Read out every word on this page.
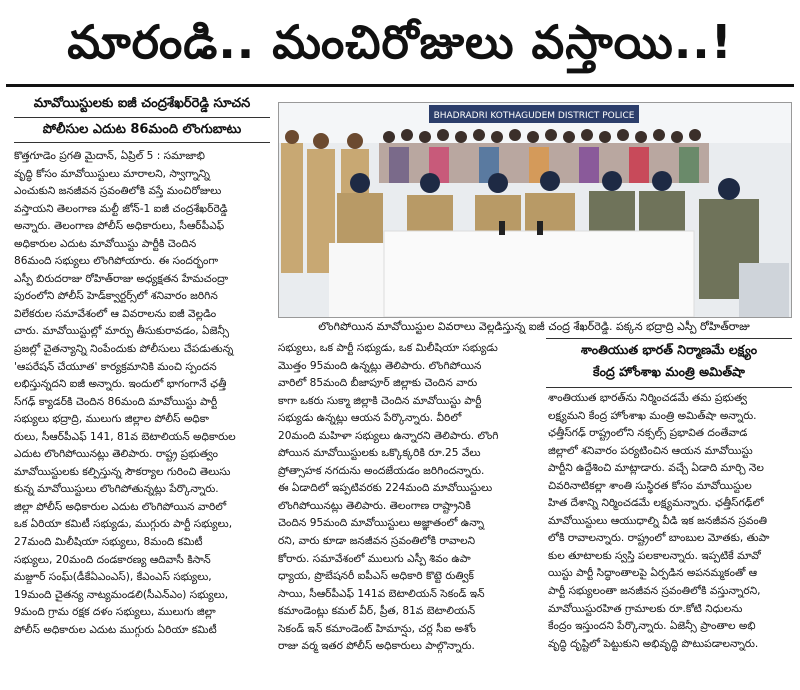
మారండి.. మంచిరోజులు వస్తాయి..!
మావోయిస్టులకు ఐజీ చంద్రశేఖర్‌రెడ్డి సూచన
పోలీసుల ఎదుట 86మంది లొంగుబాటు
కొత్తగూడెం ప్రగతి మైదాన్, ఏప్రిల్ 5 : సమాజాభి
వృద్ధి కోసం మావోయిస్టులు మారాలని, స్వాగ్నాన్ని
ఎంచుకుని జనజీవన స్రవంతిలోకి వస్తే మంచిరోజులు
వస్తాయని తెలంగాణ మల్టీ జోన్-1 ఐజీ చంద్రశేఖర్‌రెడ్డి
అన్నారు. తెలంగాణ పోలీస్ అధికారులు, సీఆర్‌పీఎఫ్
అధికారుల ఎదుట మావోయిస్టు పార్టీకి చెందిన
86మంది సభ్యులు లొంగిపోయారు. ఈ సందర్భంగా
ఎస్పీ బిరుదరాజు రోహిత్‌రాజు అధ్యక్షతన హేమచంద్రా
పురంలోని పోలీస్ హెడ్‌క్వార్టర్స్‌లో శనివారం జరిగిన
విలేకరుల సమావేశంలో ఆ వివరాలను ఐజీ వెల్లడిం
చారు. మావోయిస్టుల్లో మార్పు తీసుకురావడం, ఏజెన్సీ
ప్రజల్లో చైతన్యాన్ని నింపేందుకు పోలీసులు చేపడుతున్న
'ఆపరేషన్ చేయూత' కార్యక్రమానికి మంచి స్పందన
లభిస్తున్నదని ఐజీ అన్నారు. ఇందులో భాగంగానే ఛత్తీ
స్‌గఢ్ క్యాడర్‌కి చెందిన 86మంది మావోయిస్టు పార్టీ
సభ్యులు భద్రాద్రి, ములుగు జిల్లాల పోలీస్ అధికా
రులు, సీఆర్‌పీఎఫ్ 141, 81వ బెటాలియన్ అధికారుల
ఎదుట లొంగిపోయినట్లు తెలిపారు. రాష్ట్ర ప్రభుత్వం
మావోయిస్టులకు కల్పిస్తున్న సౌకర్యాల గురించి తెలుసు
కున్న మావోయిస్టులు లొంగిపోతున్నట్లు పేర్కొన్నారు.
జిల్లా పోలీస్ అధికారుల ఎదుట లొంగిపోయిన వారిలో
ఒక ఏరియా కమిటీ సభ్యుడు, ముగ్గురు పార్టీ సభ్యులు,
27మంది మిలీషియా సభ్యులు, 8మంది కమిటీ
సభ్యులు, 20మంది దండకారణ్య ఆదివాసీ కిసాన్
మజ్దూర్ సంఘ్(డీకేఏఎంఎస్), కేఎంఎస్ సభ్యులు,
19మంది చైతన్య నాట్యమండలి(సీఎన్ఎం) సభ్యులు,
9మంది గ్రామ రక్షక దళం సభ్యులు, ములుగు జిల్లా
పోలీస్ అధికారుల ఎదుట ముగ్గురు ఏరియా కమిటీ
BHADRADRI KOTHAGUDEM DISTRICT POLICE
లొంగిపోయిన మావోయిస్టుల వివరాలు వెల్లడిస్తున్న ఐజీ చంద్ర శేఖర్‌రెడ్డి. పక్కన భద్రాద్రి ఎస్పీ రోహిత్‌రాజు
సభ్యులు, ఒక పార్టీ సభ్యుడు, ఒక మిలీషియా సభ్యుడు
మొత్తం 95మంది ఉన్నట్లు తెలిపారు. లొంగిపోయిన
వారిలో 85మంది బీజాపూర్ జిల్లాకు చెందిన వారు
కాగా ఒకరు సుక్మా జిల్లాకి చెందిన మావోయిస్టు పార్టీ
సభ్యుడు ఉన్నట్లు ఆయన పేర్కొన్నారు. వీరిలో
20మంది మహిళా సభ్యులు ఉన్నారని తెలిపారు. లొంగి
పోయిన మావోయిస్టులకు ఒక్కొక్కరికి రూ.25 వేలు
ప్రోత్సాహక నగదును అందజేయడం జరిగిందన్నారు.
ఈ ఏడాదిలో ఇప్పటివరకు 224మంది మావోయిస్టులు
లొంగిపోయినట్లు తెలిపారు. తెలంగాణ రాష్ట్రానికి
చెందిన 95మంది మావోయిస్టులు అజ్ఞాతంలో ఉన్నా
రని, వారు కూడా జనజీవన స్రవంతిలోకి రావాలని
కోరారు. సమావేశంలో ములుగు ఎస్పీ శివం ఉపా
ధ్యాయ, ప్రొబేషనరీ ఐపీఎస్ అధికారి కొట్టె రుత్విక్
సాయి, సీఆర్‌పీఎఫ్ 141వ బెటాలియన్ సెకండ్ ఇన్
కమాండెంట్లు కమల్ వీర్, ప్రీత, 81వ బెటాలియన్
సెకండ్ ఇన్ కమాండెంట్ హిమాన్షు, చర్ల సీఐ అశోం
రాజు వర్మ ఇతర పోలీస్ అధికారులు పాల్గొన్నారు.
శాంతియుత భారత్ నిర్మాణమే లక్ష్యం
కేంద్ర హోంశాఖ మంత్రి అమిత్‌షా
శాంతియుత భారత్‌ను నిర్మించడమే తమ ప్రభుత్వ
లక్ష్యమని కేంద్ర హోంశాఖ మంత్రి అమిత్‌షా అన్నారు.
ఛత్తీస్‌గఢ్ రాష్ట్రంలోని నక్సల్స్ ప్రభావిత దంతేవాడ
జిల్లాలో శనివారం పర్యటించిన ఆయన మావోయిస్టు
పార్టీని ఉద్దేశించి మాట్లాడారు. వచ్చే ఏడాది మార్చి నెల
చివరినాటికల్లా శాంతి సుస్థిరత కోసం మావోయిస్టుల
హిత దేశాన్ని నిర్మించడమే లక్ష్యమన్నారు. ఛత్తీస్‌గఢ్‌లో
మావోయిస్టులు ఆయుధాల్ని వీడి ఇక జనజీవన స్రవంతి
లోకి రావాలన్నారు. రాష్ట్రంలో బాంబుల మోతకు, తుపా
కుల తూటాలకు స్వస్తి పలకాలన్నారు. ఇప్పటికే మావో
యిస్టు పార్టీ సిద్ధాంతాలపై ఏర్పడిన అపనమ్మకంతో ఆ
పార్టీ సభ్యులంతా జనజీవన స్రవంతిలోకి వస్తున్నారని,
మావోయిస్టురహిత గ్రామాలకు రూ.కోటి నిధులను
కేంద్రం ఇస్తుందని పేర్కొన్నారు. ఏజెన్సీ ప్రాంతాల అభి
వృద్ధి దృష్టిలో పెట్టుకుని అభివృద్ధి పొటుపడాలన్నారు.
